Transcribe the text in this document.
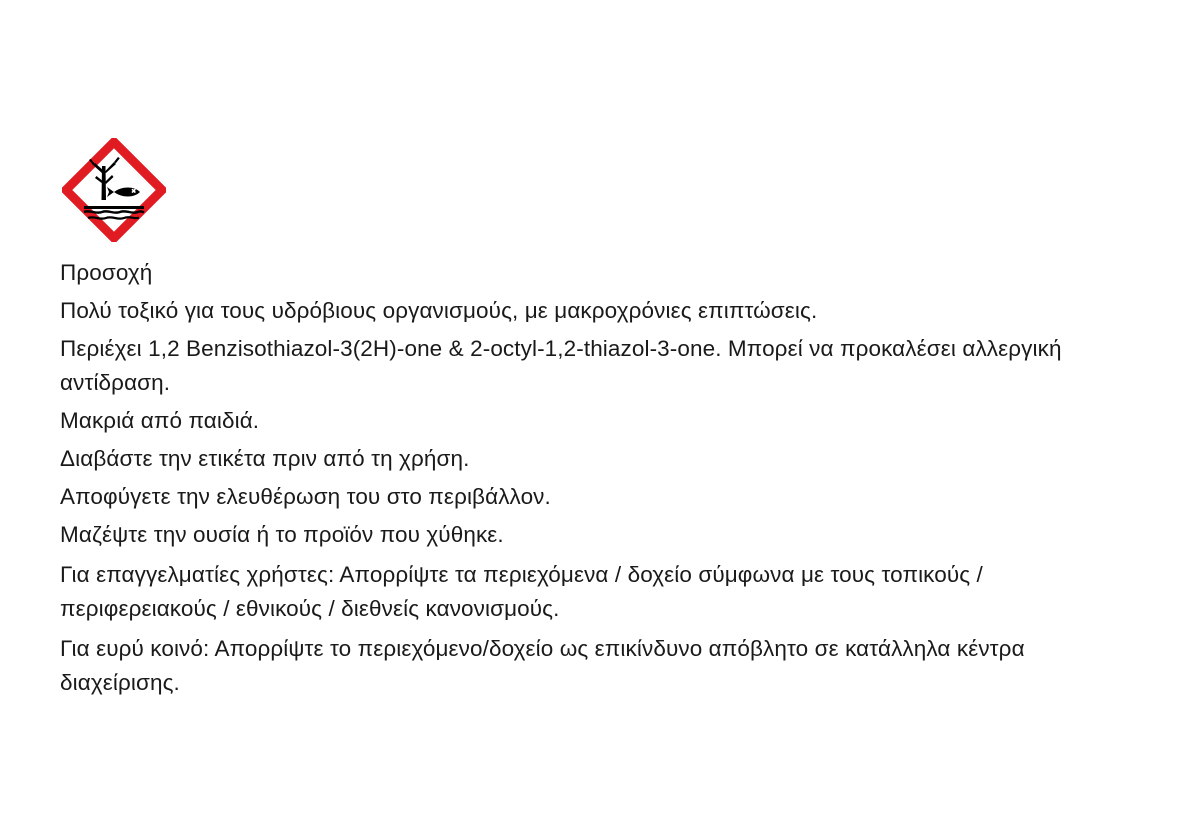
Προσοχή

Πολύ τοξικό για τους υδρόβιους οργανισμούς, με μακροχρόνιες επιπτώσεις.

Περιέχει 1,2 Benzisothiazol-3(2H)-one & 2-octyl-1,2-thiazol-3-one. Μπορεί να προκαλέσει αλλεργική αντίδραση.

Μακριά από παιδιά.

Διαβάστε την ετικέτα πριν από τη χρήση.

Αποφύγετε την ελευθέρωση του στο περιβάλλον.

Μαζέψτε την ουσία ή το προϊόν που χύθηκε.

Για επαγγελματίες χρήστες: Απορρίψτε τα περιεχόμενα / δοχείο σύμφωνα με τους τοπικούς / περιφερειακούς / εθνικούς / διεθνείς κανονισμούς.

Για ευρύ κοινό: Απορρίψτε το περιεχόμενο/δοχείο ως επικίνδυνο απόβλητο σε κατάλληλα κέντρα διαχείρισης.
